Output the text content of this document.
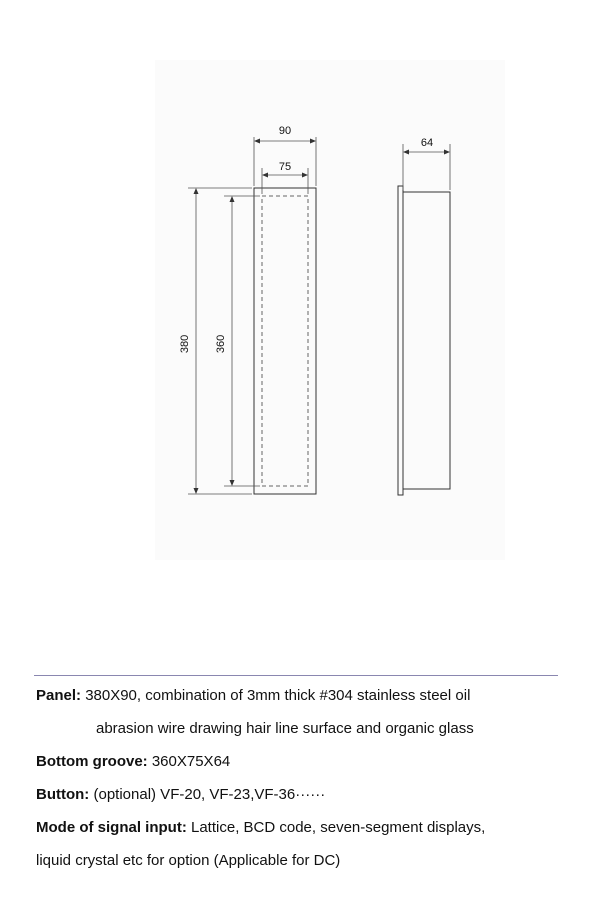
90
75
380 360
64

Panel: 380X90, combination of 3mm thick #304 stainless steel oil

abrasion wire drawing hair line surface and organic glass

Bottom groove: 360X75X64

Button: (optional) VF-20, VF-23,VF-36······

Mode of signal input: Lattice, BCD code, seven-segment displays,

liquid crystal etc for option (Applicable for DC)
